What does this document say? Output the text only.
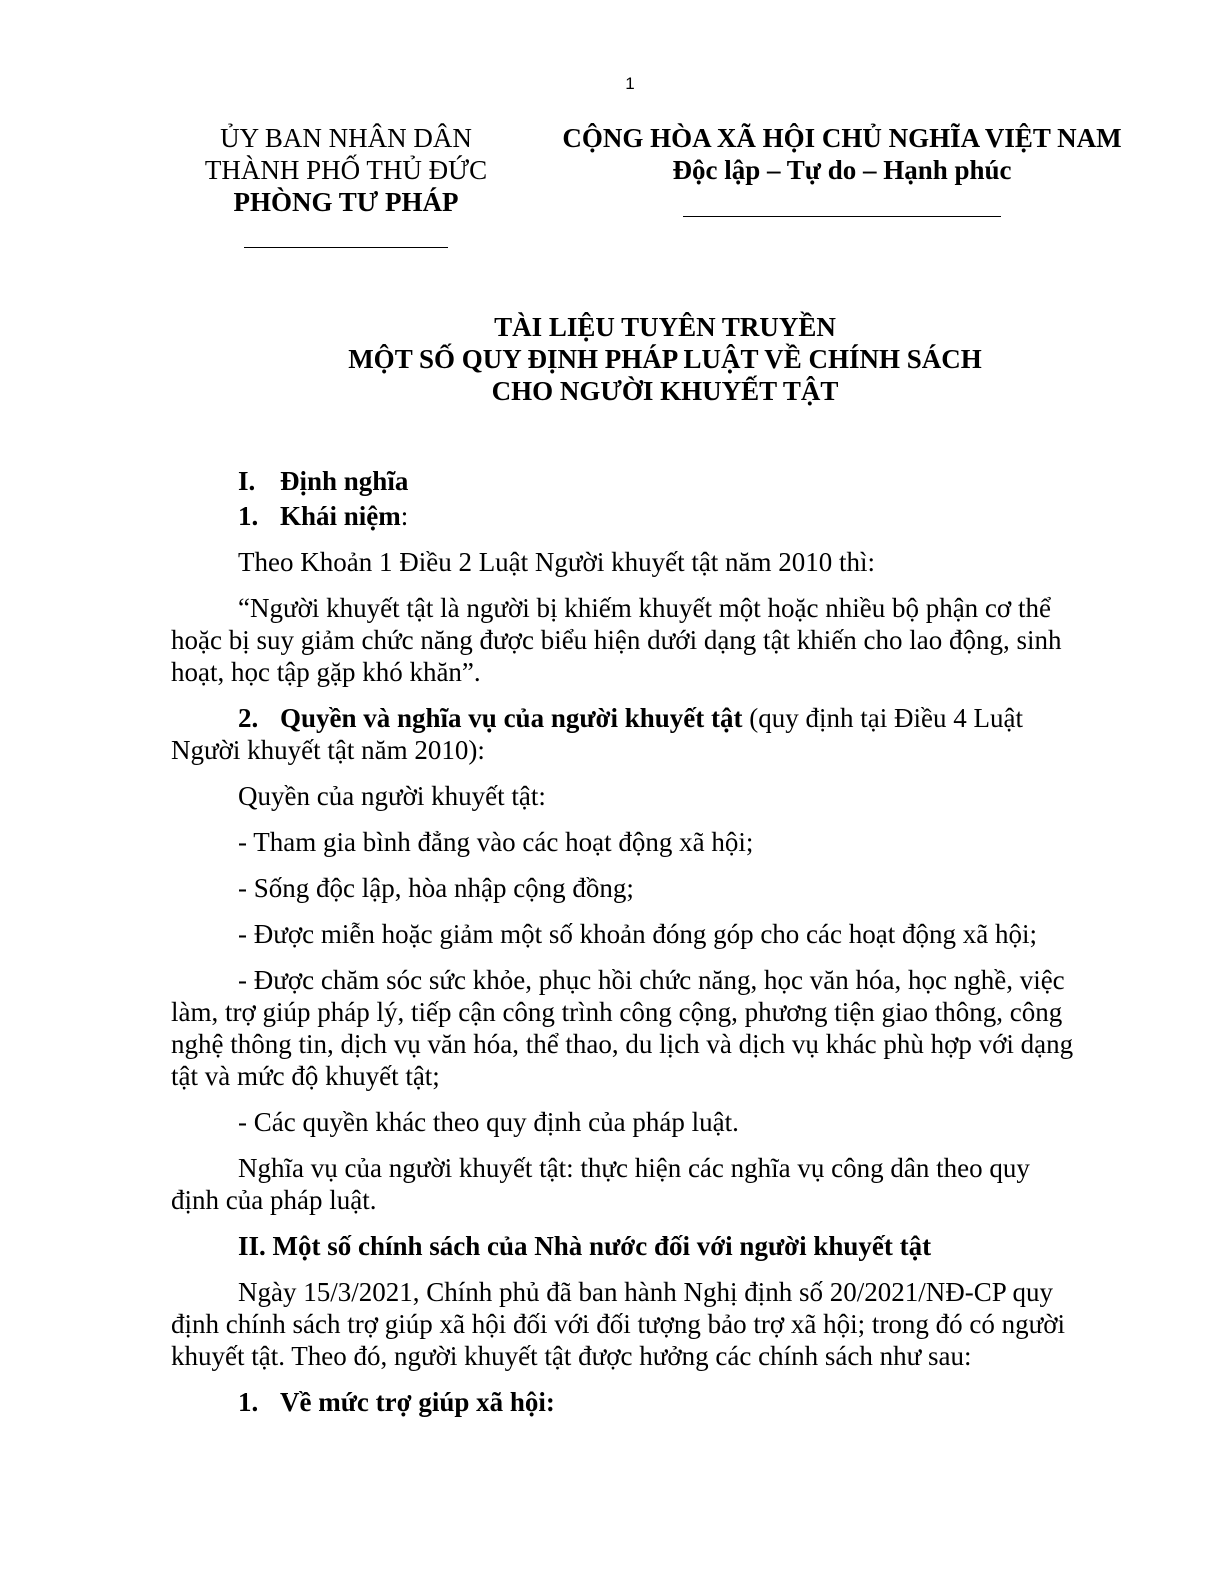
1
ỦY BAN NHÂN DÂN
THÀNH PHỐ THỦ ĐỨC
PHÒNG TƯ PHÁP
CỘNG HÒA XÃ HỘI CHỦ NGHĨA VIỆT NAM
Độc lập – Tự do – Hạnh phúc
TÀI LIỆU TUYÊN TRUYỀN
MỘT SỐ QUY ĐỊNH PHÁP LUẬT VỀ CHÍNH SÁCH
CHO NGƯỜI KHUYẾT TẬT

I. Định nghĩa

1. Khái niệm:

Theo Khoản 1 Điều 2 Luật Người khuyết tật năm 2010 thì:

“Người khuyết tật là người bị khiếm khuyết một hoặc nhiều bộ phận cơ thể
hoặc bị suy giảm chức năng được biểu hiện dưới dạng tật khiến cho lao động, sinh
hoạt, học tập gặp khó khăn”.
2. Quyền và nghĩa vụ của người khuyết tật (quy định tại Điều 4 Luật
Người khuyết tật năm 2010):

Quyền của người khuyết tật:

- Tham gia bình đẳng vào các hoạt động xã hội;

- Sống độc lập, hòa nhập cộng đồng;

- Được miễn hoặc giảm một số khoản đóng góp cho các hoạt động xã hội;

- Được chăm sóc sức khỏe, phục hồi chức năng, học văn hóa, học nghề, việc
làm, trợ giúp pháp lý, tiếp cận công trình công cộng, phương tiện giao thông, công
nghệ thông tin, dịch vụ văn hóa, thể thao, du lịch và dịch vụ khác phù hợp với dạng
tật và mức độ khuyết tật;

- Các quyền khác theo quy định của pháp luật.

Nghĩa vụ của người khuyết tật: thực hiện các nghĩa vụ công dân theo quy
định của pháp luật.

II. Một số chính sách của Nhà nước đối với người khuyết tật

Ngày 15/3/2021, Chính phủ đã ban hành Nghị định số 20/2021/NĐ-CP quy
định chính sách trợ giúp xã hội đối với đối tượng bảo trợ xã hội; trong đó có người
khuyết tật. Theo đó, người khuyết tật được hưởng các chính sách như sau:

1. Về mức trợ giúp xã hội:
